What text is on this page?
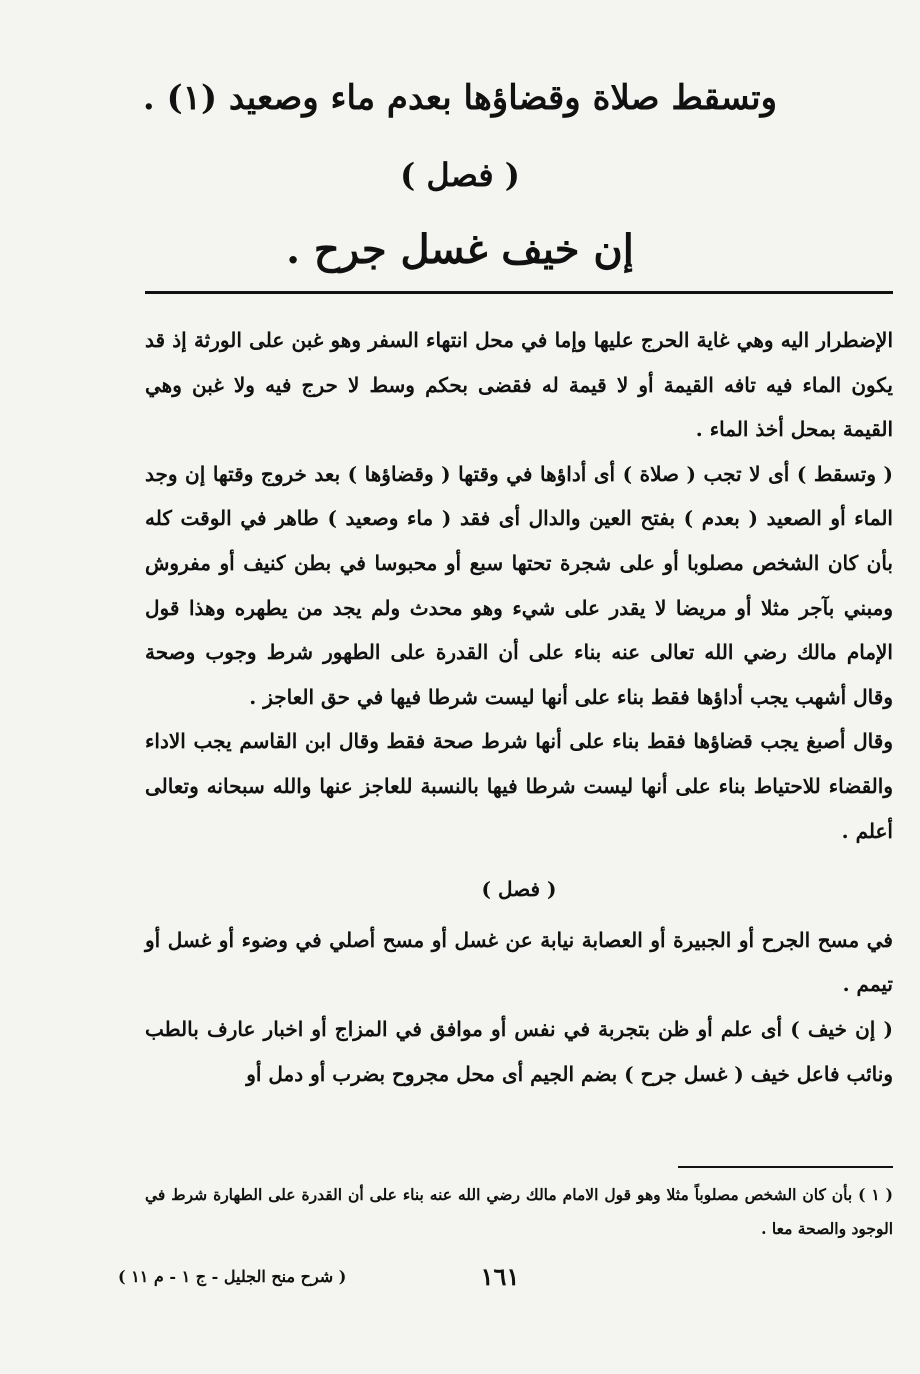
وتسقط صلاة وقضاؤها بعدم ماء وصعيد (١) .
( فصل )
إن خيف غسل جرح .

الإضطرار اليه وهي غاية الحرج عليها وإما في محل انتهاء السفر وهو غبن على الورثة إذ قد يكون الماء فيه تافه القيمة أو لا قيمة له فقضى بحكم وسط لا حرج فيه ولا غبن وهي القيمة بمحل أخذ الماء .

( وتسقط ) أى لا تجب ( صلاة ) أى أداؤها في وقتها ( وقضاؤها ) بعد خروج وقتها إن وجد الماء أو الصعيد ( بعدم ) بفتح العين والدال أى فقد ( ماء وصعيد ) طاهر في الوقت كله بأن كان الشخص مصلوبا أو على شجرة تحتها سبع أو محبوسا في بطن كنيف أو مفروش ومبني بآجر مثلا أو مريضا لا يقدر على شيء وهو محدث ولم يجد من يطهره وهذا قول الإمام مالك رضي الله تعالى عنه بناء على أن القدرة على الطهور شرط وجوب وصحة وقال أشهب يجب أداؤها فقط بناء على أنها ليست شرطا فيها في حق العاجز .

وقال أصبغ يجب قضاؤها فقط بناء على أنها شرط صحة فقط وقال ابن القاسم يجب الاداء والقضاء للاحتياط بناء على أنها ليست شرطا فيها بالنسبة للعاجز عنها والله سبحانه وتعالى أعلم .

( فصل )

في مسح الجرح أو الجبيرة أو العصابة نيابة عن غسل أو مسح أصلي في وضوء أو غسل أو تيمم .

( إن خيف ) أى علم أو ظن بتجربة في نفس أو موافق في المزاج أو اخبار عارف بالطب ونائب فاعل خيف ( غسل جرح ) بضم الجيم أى محل مجروح بضرب أو دمل أو

( ١ ) بأن كان الشخص مصلوباً مثلا وهو قول الامام مالك رضي الله عنه بناء على أن القدرة على الطهارة شرط في الوجود والصحة معا .

١٦١
( شرح منح الجليل - ج ١ - م ١١ )
